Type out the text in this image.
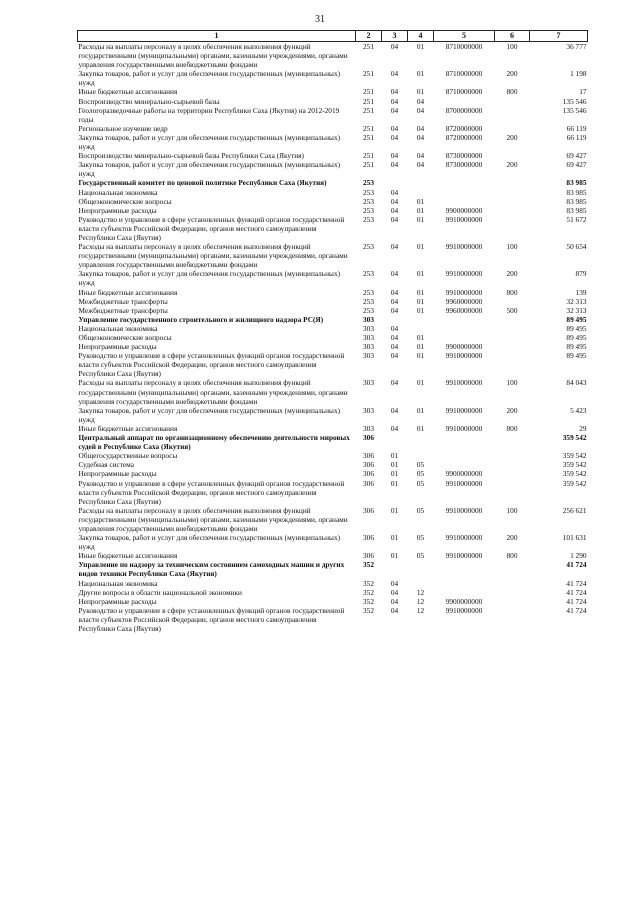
31
1	2	3	4	5	6	7
Расходы на выплаты персоналу в целях обеспечения выполнения функций государственными (муниципальными) органами, казенными учреждениями, органами управления государственными внебюджетными фондами	251	04	01	8710000000	100	36 777
Закупка товаров, работ и услуг для обеспечения государственных (муниципальных) нужд	251	04	01	8710000000	200	1 198
Иные бюджетные ассигнования	251	04	01	8710000000	800	17
Воспроизводство минерально-сырьевой базы	251	04	04			135 546
Геологоразведочные работы на территории Республики Саха (Якутия) на 2012-2019 годы	251	04	04	8700000000		135 546
Региональное изучение недр	251	04	04	8720000000		66 119
Закупка товаров, работ и услуг для обеспечения государственных (муниципальных) нужд	251	04	04	8720000000	200	66 119
Воспроизводство минерально-сырьевой базы Республики Саха (Якутия)	251	04	04	8730000000		69 427
Закупка товаров, работ и услуг для обеспечения государственных (муниципальных) нужд	251	04	04	8730000000	200	69 427
Государственный комитет по ценовой политике Республики Саха (Якутия)	253					83 985
Национальная экономика	253	04				83 985
Общеэкономические вопросы	253	04	01			83 985
Непрограммные расходы	253	04	01	9900000000		83 985
Руководство и управление в сфере установленных функций органов государственной власти субъектов Российской Федерации, органов местного самоуправления Республики Саха (Якутия)	253	04	01	9910000000		51 672
Расходы на выплаты персоналу в целях обеспечения выполнения функций государственными (муниципальными) органами, казенными учреждениями, органами управления государственными внебюджетными фондами	253	04	01	9910000000	100	50 654
Закупка товаров, работ и услуг для обеспечения государственных (муниципальных) нужд	253	04	01	9910000000	200	879
Иные бюджетные ассигнования	253	04	01	9910000000	800	139
Межбюджетные трансферты	253	04	01	9960000000		32 313
Межбюджетные трансферты	253	04	01	9960000000	500	32 313
Управление государственного строительного и жилищного надзора РС(Я)	303					89 495
Национальная экономика	303	04				89 495
Общеэкономические вопросы	303	04	01			89 495
Непрограммные расходы	303	04	01	9900000000		89 495
Руководство и управление в сфере установленных функций органов государственной власти субъектов Российской Федерации, органов местного самоуправления Республики Саха (Якутия)	303	04	01	9910000000		89 495
Расходы на выплаты персоналу в целях обеспечения выполнения функций государственными (муниципальными) органами, казенными учреждениями, органами управления государственными внебюджетными фондами	303	04	01	9910000000	100	84 043
Закупка товаров, работ и услуг для обеспечения государственных (муниципальных) нужд	303	04	01	9910000000	200	5 423
Иные бюджетные ассигнования	303	04	01	9910000000	800	29
Центральный аппарат по организационному обеспечению деятельности мировых судей в Республике Саха (Якутия)	306					359 542
Общегосударственные вопросы	306	01				359 542
Судебная система	306	01	05			359 542
Непрограммные расходы	306	01	05	9900000000		359 542
Руководство и управление в сфере установленных функций органов государственной власти субъектов Российской Федерации, органов местного самоуправления Республики Саха (Якутия)	306	01	05	9910000000		359 542
Расходы на выплаты персоналу в целях обеспечения выполнения функций государственными (муниципальными) органами, казенными учреждениями, органами управления государственными внебюджетными фондами	306	01	05	9910000000	100	256 621
Закупка товаров, работ и услуг для обеспечения государственных (муниципальных) нужд	306	01	05	9910000000	200	101 631
Иные бюджетные ассигнования	306	01	05	9910000000	800	1 290
Управление по надзору за техническим состоянием самоходных машин и других видов техники Республики Саха (Якутия)	352					41 724
Национальная экономика	352	04				41 724
Другие вопросы в области национальной экономики	352	04	12			41 724
Непрограммные расходы	352	04	12	9900000000		41 724
Руководство и управление в сфере установленных функций органов государственной власти субъектов Российской Федерации, органов местного самоуправления Республики Саха (Якутия)	352	04	12	9910000000		41 724
